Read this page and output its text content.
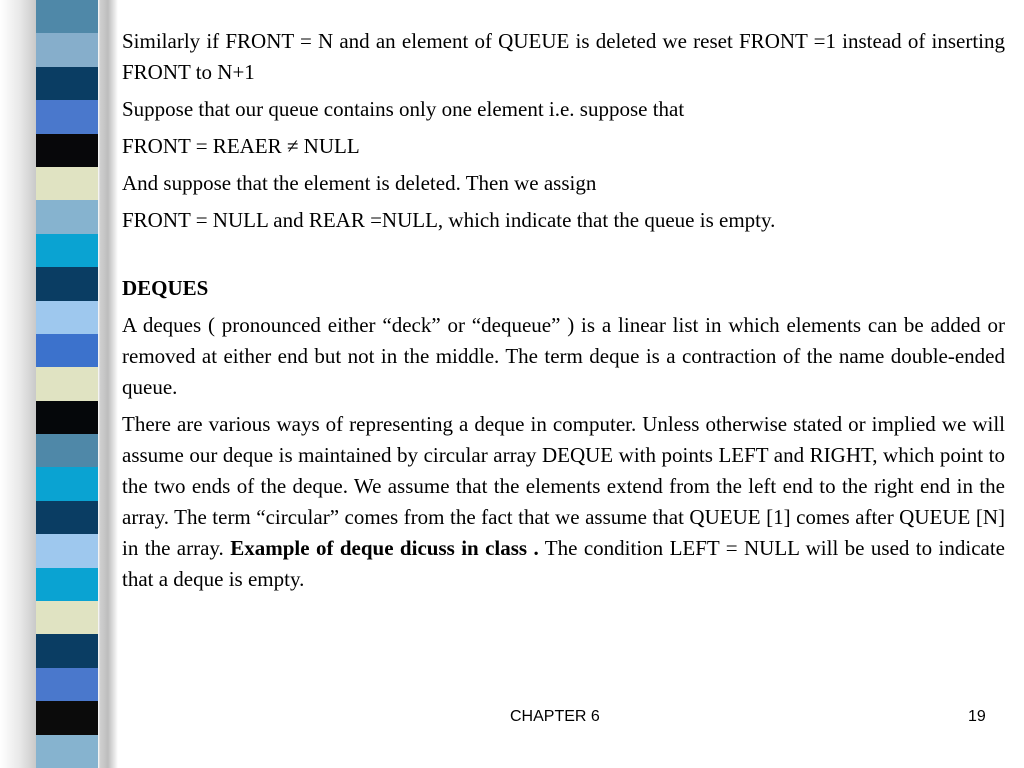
Similarly if FRONT = N and an element of QUEUE is deleted we reset FRONT =1 instead of inserting FRONT to N+1

Suppose that our queue contains only one element i.e. suppose that

FRONT = REAER ≠ NULL

And suppose that the element is deleted. Then we assign

FRONT = NULL and REAR =NULL, which indicate that the queue is empty.

DEQUES

A deques ( pronounced either “deck” or “dequeue” ) is a linear list in which elements can be added or removed at either end but not in the middle. The term deque is a contraction of the name double-ended queue.

There are various ways of representing a deque in computer. Unless otherwise stated or implied we will assume our deque is maintained by circular array DEQUE with points LEFT and RIGHT, which point to the two ends of the deque. We assume that the elements extend from the left end to the right end in the array. The term “circular” comes from the fact that we assume that QUEUE [1] comes after QUEUE [N] in the array. Example of deque dicuss in class . The condition LEFT = NULL will be used to indicate that a deque is empty.

CHAPTER 6	19
